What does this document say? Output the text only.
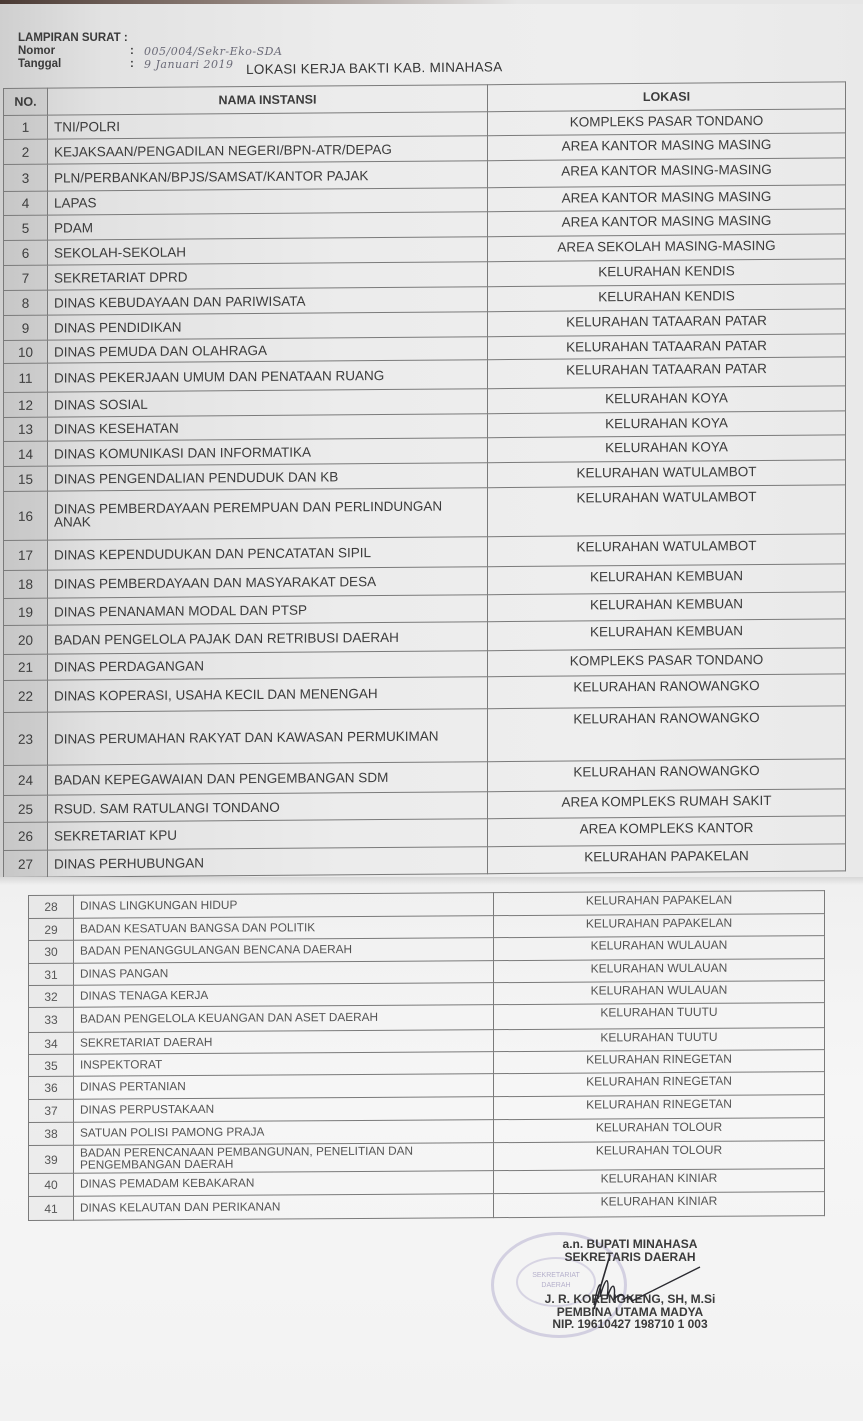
LAMPIRAN SURAT :
Nomor	: 005/004/Sekr-Eko-SDA
Tanggal	: 9 Januari 2019 LOKASI KERJA BAKTI KAB. MINAHASA
NO.	NAMA INSTANSI	LOKASI
1	TNI/POLRI	KOMPLEKS PASAR TONDANO
2	KEJAKSAAN/PENGADILAN NEGERI/BPN-ATR/DEPAG	AREA KANTOR MASING MASING
3	PLN/PERBANKAN/BPJS/SAMSAT/KANTOR PAJAK	AREA KANTOR MASING-MASING
4	LAPAS	AREA KANTOR MASING MASING
5	PDAM	AREA KANTOR MASING MASING
6	SEKOLAH-SEKOLAH	AREA SEKOLAH MASING-MASING
7	SEKRETARIAT DPRD	KELURAHAN KENDIS
8	DINAS KEBUDAYAAN DAN PARIWISATA	KELURAHAN KENDIS
9	DINAS PENDIDIKAN	KELURAHAN TATAARAN PATAR
10	DINAS PEMUDA DAN OLAHRAGA	KELURAHAN TATAARAN PATAR
11	DINAS PEKERJAAN UMUM DAN PENATAAN RUANG	KELURAHAN TATAARAN PATAR
12	DINAS SOSIAL	KELURAHAN KOYA
13	DINAS KESEHATAN	KELURAHAN KOYA
14	DINAS KOMUNIKASI DAN INFORMATIKA	KELURAHAN KOYA
15	DINAS PENGENDALIAN PENDUDUK DAN KB	KELURAHAN WATULAMBOT
16	DINAS PEMBERDAYAAN PEREMPUAN DAN PERLINDUNGAN ANAK	KELURAHAN WATULAMBOT
17	DINAS KEPENDUDUKAN DAN PENCATATAN SIPIL	KELURAHAN WATULAMBOT
18	DINAS PEMBERDAYAAN DAN MASYARAKAT DESA	KELURAHAN KEMBUAN
19	DINAS PENANAMAN MODAL DAN PTSP	KELURAHAN KEMBUAN
20	BADAN PENGELOLA PAJAK DAN RETRIBUSI DAERAH	KELURAHAN KEMBUAN
21	DINAS PERDAGANGAN	KOMPLEKS PASAR TONDANO
22	DINAS KOPERASI, USAHA KECIL DAN MENENGAH	KELURAHAN RANOWANGKO
23	DINAS PERUMAHAN RAKYAT DAN KAWASAN PERMUKIMAN	KELURAHAN RANOWANGKO
24	BADAN KEPEGAWAIAN DAN PENGEMBANGAN SDM	KELURAHAN RANOWANGKO
25	RSUD. SAM RATULANGI TONDANO	AREA KOMPLEKS RUMAH SAKIT
26	SEKRETARIAT KPU	AREA KOMPLEKS KANTOR
27	DINAS PERHUBUNGAN	KELURAHAN PAPAKELAN
28	DINAS LINGKUNGAN HIDUP	KELURAHAN PAPAKELAN
29	BADAN KESATUAN BANGSA DAN POLITIK	KELURAHAN PAPAKELAN
30	BADAN PENANGGULANGAN BENCANA DAERAH	KELURAHAN WULAUAN
31	DINAS PANGAN	KELURAHAN WULAUAN
32	DINAS TENAGA KERJA	KELURAHAN WULAUAN
33	BADAN PENGELOLA KEUANGAN DAN ASET DAERAH	KELURAHAN TUUTU
34	SEKRETARIAT DAERAH	KELURAHAN TUUTU
35	INSPEKTORAT	KELURAHAN RINEGETAN
36	DINAS PERTANIAN	KELURAHAN RINEGETAN
37	DINAS PERPUSTAKAAN	KELURAHAN RINEGETAN
38	SATUAN POLISI PAMONG PRAJA	KELURAHAN TOLOUR
39	BADAN PERENCANAAN PEMBANGUNAN, PENELITIAN DAN PENGEMBANGAN DAERAH	KELURAHAN TOLOUR
40	DINAS PEMADAM KEBAKARAN	KELURAHAN KINIAR
41	DINAS KELAUTAN DAN PERIKANAN	KELURAHAN KINIAR
SEKRETARIAT DAERAH
a.n. BUPATI MINAHASA
SEKRETARIS DAERAH
J. R. KORENGKENG, SH, M.Si
PEMBINA UTAMA MADYA
NIP. 19610427 198710 1 003
